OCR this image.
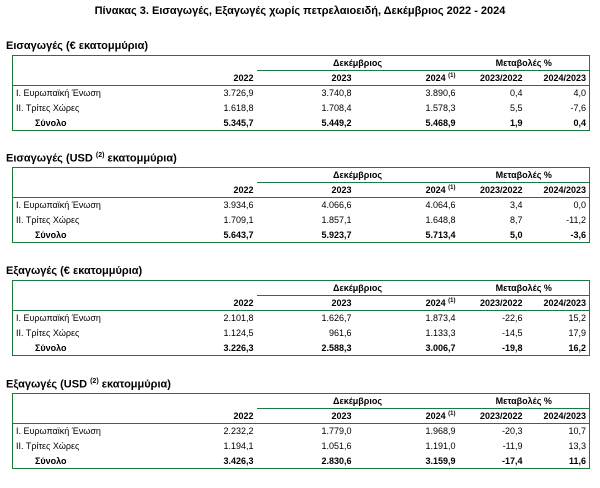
Πίνακας 3. Εισαγωγές, Εξαγωγές χωρίς πετρελαιοειδή, Δεκέμβριος 2022 - 2024
Εισαγωγές (€ εκατομμύρια)
		Δεκέμβριος		Μεταβολές %	
	2022	2023	2024 $^{(1)}$	2023/2022	2024/2023
Ι. Ευρωπαϊκή Ένωση	3.726,9	3.740,8	3.890,6	0,4	4,0
ΙΙ. Τρίτες Χώρες	1.618,8	1.708,4	1.578,3	5,5	-7,6
Σύνολο	5.345,7	5.449,2	5.468,9	1,9	0,4
Εισαγωγές (USD $^{(2)}$ εκατομμύρια)
		Δεκέμβριος		Μεταβολές %	
	2022	2023	2024 $^{(1)}$	2023/2022	2024/2023
Ι. Ευρωπαϊκή Ένωση	3.934,6	4.066,6	4.064,6	3,4	0,0
ΙΙ. Τρίτες Χώρες	1.709,1	1.857,1	1.648,8	8,7	-11,2
Σύνολο	5.643,7	5.923,7	5.713,4	5,0	-3,6
Εξαγωγές (€ εκατομμύρια)
		Δεκέμβριος		Μεταβολές %	
	2022	2023	2024 $^{(1)}$	2023/2022	2024/2023
Ι. Ευρωπαϊκή Ένωση	2.101,8	1.626,7	1.873,4	-22,6	15,2
ΙΙ. Τρίτες Χώρες	1.124,5	961,6	1.133,3	-14,5	17,9
Σύνολο	3.226,3	2.588,3	3.006,7	-19,8	16,2
Εξαγωγές (USD $^{(2)}$ εκατομμύρια)
		Δεκέμβριος		Μεταβολές %	
	2022	2023	2024 $^{(1)}$	2023/2022	2024/2023
Ι. Ευρωπαϊκή Ένωση	2.232,2	1.779,0	1.968,9	-20,3	10,7
ΙΙ. Τρίτες Χώρες	1.194,1	1.051,6	1.191,0	-11,9	13,3
Σύνολο	3.426,3	2.830,6	3.159,9	-17,4	11,6
